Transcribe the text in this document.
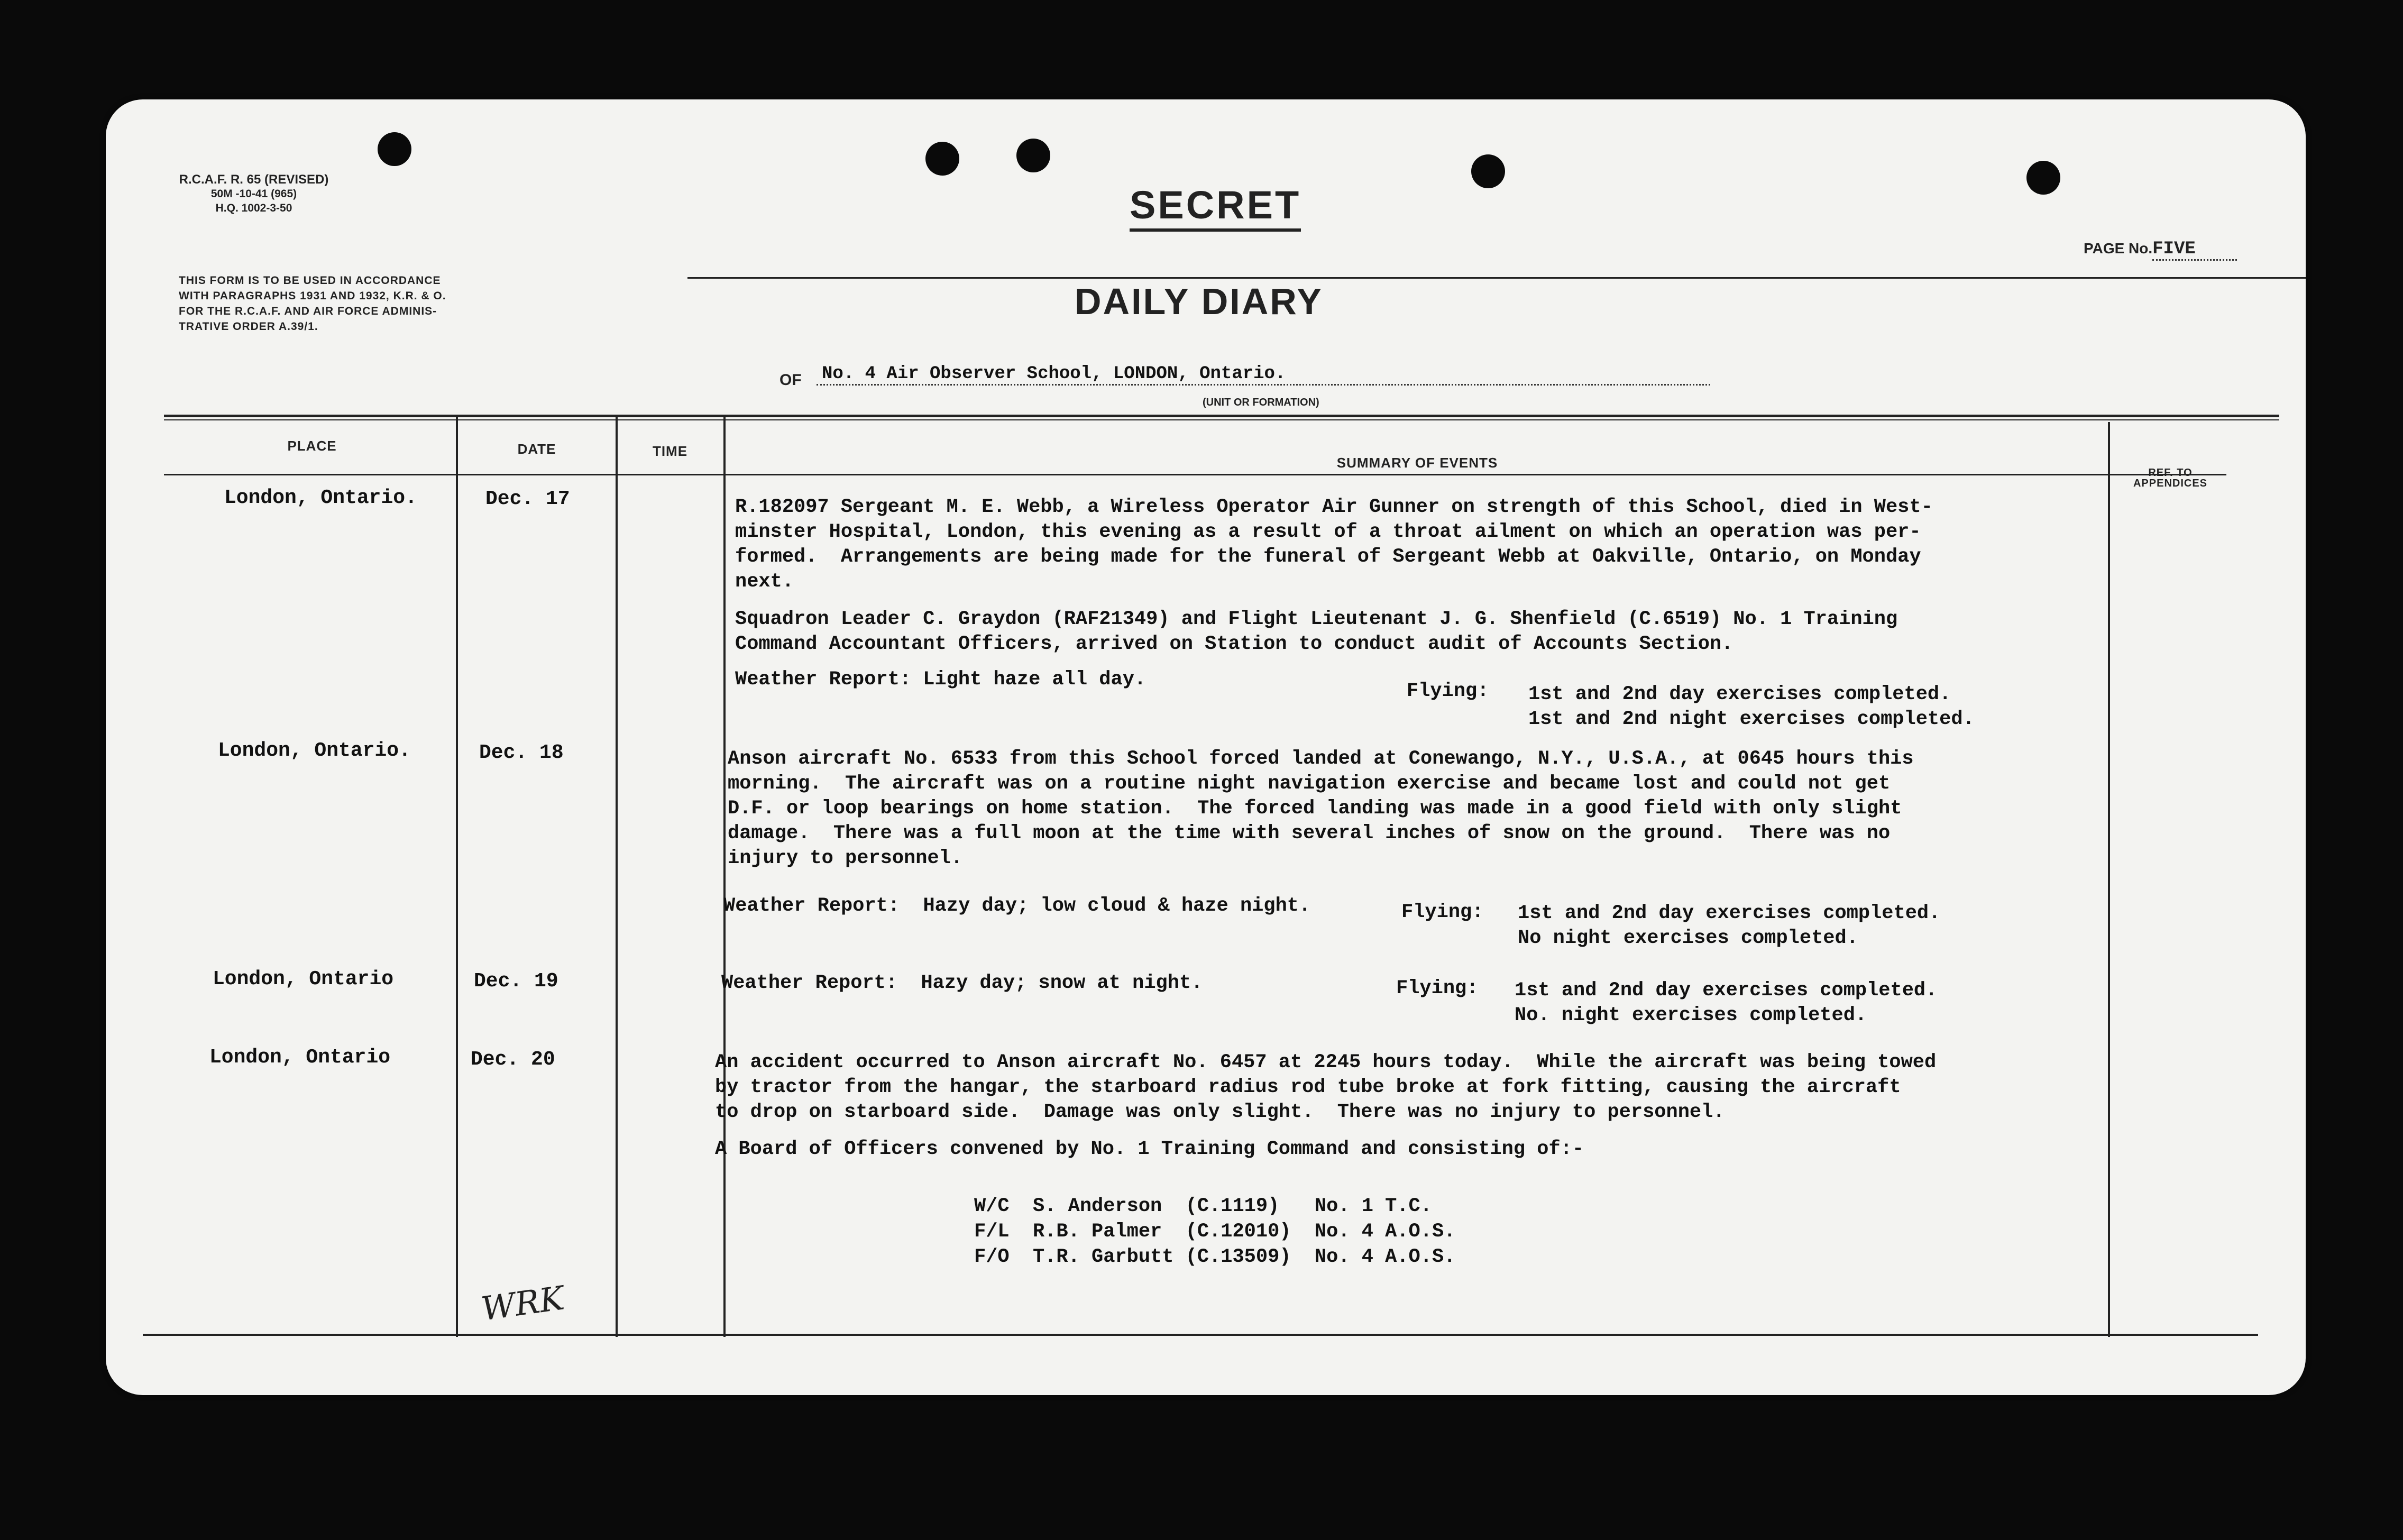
R.C.A.F. R. 65 (REVISED)
50M -10-41 (965)
H.Q. 1002-3-50	SECRET
PAGE No.FIVE
THIS FORM IS TO BE USED IN ACCORDANCE
WITH PARAGRAPHS 1931 AND 1932, K.R. & O.
FOR THE R.C.A.F. AND AIR FORCE ADMINIS-
TRATIVE ORDER A.39/1.
DAILY DIARY
OF No. 4 Air Observer School, LONDON, Ontario.
(UNIT OR FORMATION)
PLACE	DATE	TIME
SUMMARY OF EVENTS
REF. TO
APPENDICES
London, Ontario.	Dec. 17	R.182097 Sergeant M. E. Webb, a Wireless Operator Air Gunner on strength of this School, died in West-
minster Hospital, London, this evening as a result of a throat ailment on which an operation was per-
formed.  Arrangements are being made for the funeral of Sergeant Webb at Oakville, Ontario, on Monday
next.
Squadron Leader C. Graydon (RAF21349) and Flight Lieutenant J. G. Shenfield (C.6519) No. 1 Training
Command Accountant Officers, arrived on Station to conduct audit of Accounts Section.
Weather Report: Light haze all day.
Flying: 1st and 2nd day exercises completed.
1st and 2nd night exercises completed.
London, Ontario.	Dec. 18	Anson aircraft No. 6533 from this School forced landed at Conewango, N.Y., U.S.A., at 0645 hours this
morning.  The aircraft was on a routine night navigation exercise and became lost and could not get
D.F. or loop bearings on home station.  The forced landing was made in a good field with only slight
damage.  There was a full moon at the time with several inches of snow on the ground.  There was no
injury to personnel.
Weather Report:  Hazy day; low cloud & haze night.	Flying: 1st and 2nd day exercises completed.
No night exercises completed.
London, Ontario	Dec. 19	Weather Report:  Hazy day; snow at night.	Flying: 1st and 2nd day exercises completed.
No. night exercises completed.
London, Ontario	Dec. 20	An accident occurred to Anson aircraft No. 6457 at 2245 hours today.  While the aircraft was being towed
by tractor from the hangar, the starboard radius rod tube broke at fork fitting, causing the aircraft
to drop on starboard side.  Damage was only slight.  There was no injury to personnel.
A Board of Officers convened by No. 1 Training Command and consisting of:-
W/C  S. Anderson  (C.1119)   No. 1 T.C.
F/L  R.B. Palmer  (C.12010)  No. 4 A.O.S.
F/O  T.R. Garbutt (C.13509)  No. 4 A.O.S.
WRK
